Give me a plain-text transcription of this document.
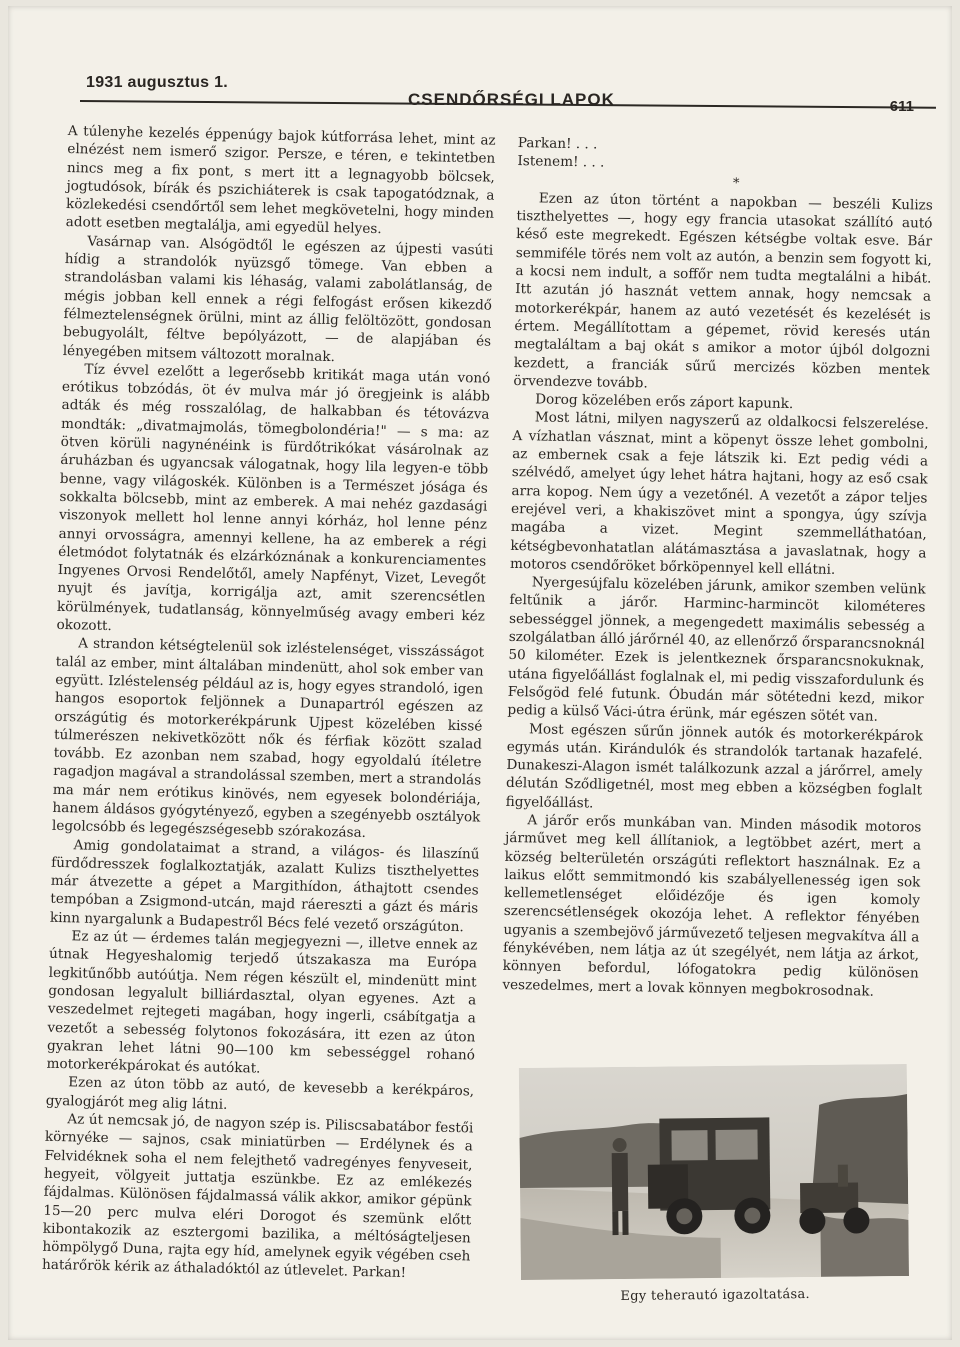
1931 augusztus 1.
CSENDŐRSÉGI LAPOK	611

A túlenyhe kezelés éppenúgy bajok kútforrása lehet, mint az elnézést nem ismerő szigor. Persze, e téren, e tekintetben nincs meg a fix pont, s mert itt a legnagyobb bölcsek, jogtudósok, bírák és pszichiáterek is csak tapogatódznak, a közlekedési csendőrtől sem lehet megkövetelni, hogy minden adott esetben megtalálja, ami egyedül helyes.

Vasárnap van. Alsógödtől le egészen az újpesti vasúti hídig a strandolók nyüzsgő tömege. Van ebben a strandolásban valami kis léhaság, valami zabolátlanság, de mégis jobban kell ennek a régi felfogást erősen kikezdő félmeztelenségnek örülni, mint az állig felöltözött, gondosan bebugyolált, féltve bepólyázott, — de alapjában és lényegében mitsem változott moralnak.

Tíz évvel ezelőtt a legerősebb kritikát maga után vonó erótikus tobzódás, öt év mulva már jó öregjeink is alább adták és még rosszalólag, de halkabban és tétovázva mondták: „divatmajmolás, tömegbolondéria!" — s ma: az ötven körüli nagynénéink is fürdőtrikókat vásárolnak az áruházban és ugyancsak válogatnak, hogy lila legyen-e több benne, vagy világoskék. Különben is a Természet jósága és sokkalta bölcsebb, mint az emberek. A mai nehéz gazdasági viszonyok mellett hol lenne annyi kórház, hol lenne pénz annyi orvosságra, amennyi kellene, ha az emberek a régi életmódot folytatnák és elzárkóznának a konkurenciamentes Ingyenes Orvosi Rendelőtől, amely Napfényt, Vizet, Levegőt nyujt és javítja, korrigálja azt, amit szerencsétlen körülmények, tudatlanság, könnyelműség avagy emberi kéz okozott.

A strandon kétségtelenül sok izléstelenséget, visszásságot talál az ember, mint általában mindenütt, ahol sok ember van együtt. Izléstelenség például az is, hogy egyes strandoló, igen hangos esoportok feljönnek a Dunapartról egészen az országútig és motorkerékpárunk Ujpest közelében kissé túlmerészen nekivetközött nők és férfiak között szalad tovább. Ez azonban nem szabad, hogy egyoldalú ítéletre ragadjon magával a strandolással szemben, mert a strandolás ma már nem erótikus kinövés, nem egyesek bolondériája, hanem áldásos gyógytényező, egyben a szegényebb osztályok legolcsóbb és legegészségesebb szórakozása.

Amig gondolataimat a strand, a világos- és lilaszínű fürdődresszek foglalkoztatják, azalatt Kulizs tiszthelyettes már átvezette a gépet a Margithídon, áthajtott csendes tempóban a Zsigmond-utcán, majd ráereszti a gázt és máris kinn nyargalunk a Budapestről Bécs felé vezető országúton.

Ez az út — érdemes talán megjegyezni —, illetve ennek az útnak Hegyeshalomig terjedő útszakasza ma Európa legkitűnőbb autóútja. Nem régen készült el, mindenütt mint gondosan legyalult billiárdasztal, olyan egyenes. Azt a veszedelmet rejtegeti magában, hogy ingerli, csábítgatja a vezetőt a sebesség folytonos fokozására, itt ezen az úton gyakran lehet látni 90—100 km sebességgel rohanó motorkerékpárokat és autókat.

Ezen az úton több az autó, de kevesebb a kerékpáros, gyalogjárót meg alig látni.

Az út nemcsak jó, de nagyon szép is. Piliscsabatábor festői környéke — sajnos, csak miniatürben — Erdélynek és a Felvidéknek soha el nem felejthető vadregényes fenyveseit, hegyeit, völgyeit juttatja eszünkbe. Ez az emlékezés fájdalmas. Különösen fájdalmassá válik akkor, amikor gépünk 15—20 perc mulva eléri Dorogot és szemünk előtt kibontakozik az esztergomi bazilika, a méltóságteljesen hömpölygő Duna, rajta egy híd, amelynek egyik végében cseh határőrök kérik az áthaladóktól az útlevelet. Parkan!

Parkan! . . .

Istenem! . . .

*

Ezen az úton történt a napokban — beszéli Kulizs tiszthelyettes —, hogy egy francia utasokat szállító autó késő este megrekedt. Egészen kétségbe voltak esve. Bár semmiféle törés nem volt az autón, a benzin sem fogyott ki, a kocsi nem indult, a soffőr nem tudta megtalálni a hibát. Itt azután jó hasznát vettem annak, hogy nemcsak a motorkerékpár, hanem az autó vezetését és kezelését is értem. Megállítottam a gépemet, rövid keresés után megtaláltam a baj okát s amikor a motor újból dolgozni kezdett, a franciák sűrű mercizés közben mentek örvendezve tovább.

Dorog közelében erős záport kapunk.

Most látni, milyen nagyszerű az oldalkocsi felszerelése. A vízhatlan vásznat, mint a köpenyt össze lehet gombolni, az embernek csak a feje látszik ki. Ezt pedig védi a szélvédő, amelyet úgy lehet hátra hajtani, hogy az eső csak arra kopog. Nem úgy a vezetőnél. A vezetőt a zápor teljes erejével veri, a khakiszövet mint a spongya, úgy szívja magába a vizet. Megint szemmelláthatóan, kétségbevonhatatlan alátámasztása a javaslatnak, hogy a motoros csendőröket bőrköpennyel kell ellátni.

Nyergesújfalu közelében járunk, amikor szemben velünk feltűnik a járőr. Harminc-harmincöt kilométeres sebességgel jönnek, a megengedett maximális sebesség a szolgálatban álló járőrnél 40, az ellenőrző őrsparancsnoknál 50 kilométer. Ezek is jelentkeznek őrsparancsnokuknak, utána figyelőállást foglalnak el, mi pedig visszafordulunk és Felsőgöd felé futunk. Óbudán már sötétedni kezd, mikor pedig a külső Váci-útra érünk, már egészen sötét van.

Most egészen sűrűn jönnek autók és motorkerékpárok egymás után. Kirándulók és strandolók tartanak hazafelé. Dunakeszi-Alagon ismét találkozunk azzal a járőrrel, amely délután Sződligetnél, most meg ebben a községben foglalt figyelőállást.

A járőr erős munkában van. Minden második motoros járművet meg kell állítaniok, a legtöbbet azért, mert a község belterületén országúti reflektort használnak. Ez a laikus előtt semmitmondó kis szabályellenesség igen sok kellemetlenséget előidézője és igen komoly szerencsétlenségek okozója lehet. A reflektor fényében ugyanis a szembejövő járművezető teljesen megvakítva áll a fénykévében, nem látja az út szegélyét, nem látja az árkot, könnyen befordul, lófogatokra pedig különösen veszedelmes, mert a lovak könnyen megbokrosodnak.

Egy teherautó igazoltatása.
